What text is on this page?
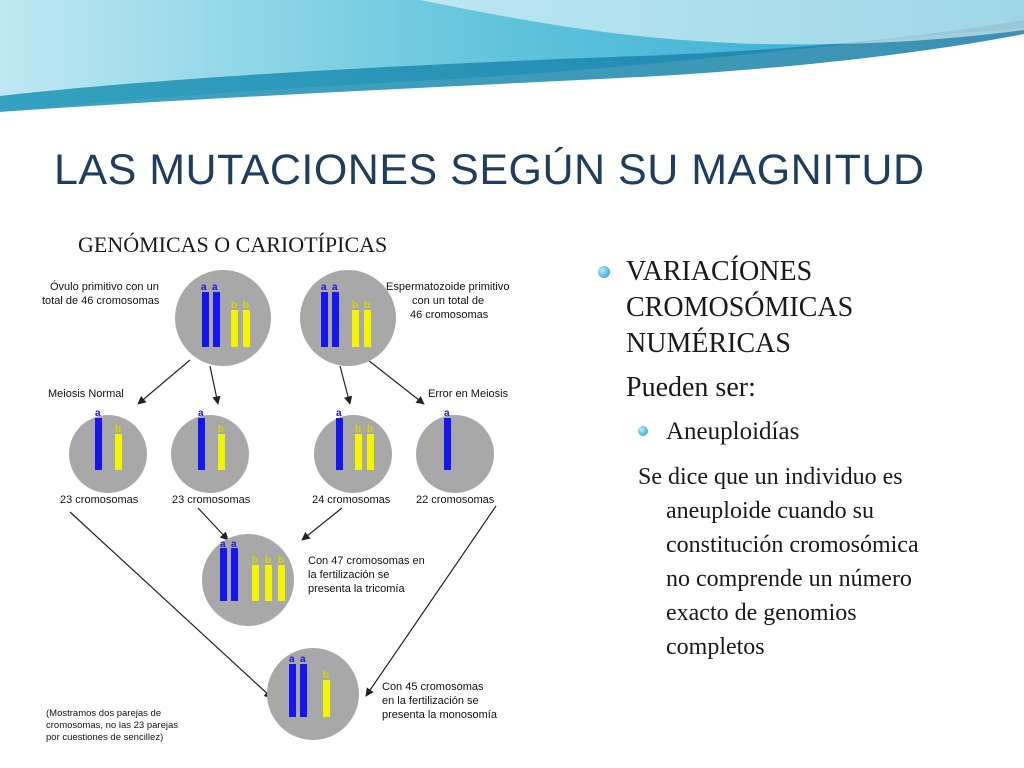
LAS MUTACIONES SEGÚN SU MAGNITUD
GENÓMICAS O CARIOTÍPICAS
a a
b b
a a
b b
Óvulo primitivo con un
total de 46 cromosomas
Espermatozoide primitivo
con un total de
46 cromosomas
Meiosis Normal	Error en Meiosis
a
b
a
b
a
b b
a
23 cromosomas	23 cromosomas	24 cromosomas 22 cromosomas
a a
b b b Con 47 cromosomas en
la fertilización se
presenta la tricomía
a a
b
Con 45 cromosomas
en la fertilización se
presenta la monosomía
(Mostramos dos parejas de
cromosomas, no las 23 parejas
por cuestiones de sencillez)
VARIACÍONES
CROMOSÓMICAS
NUMÉRICAS
Pueden ser:
Aneuploidías
Se dice que un individuo es
aneuploide cuando su
constitución cromosómica
no comprende un número
exacto de genomios
completos
